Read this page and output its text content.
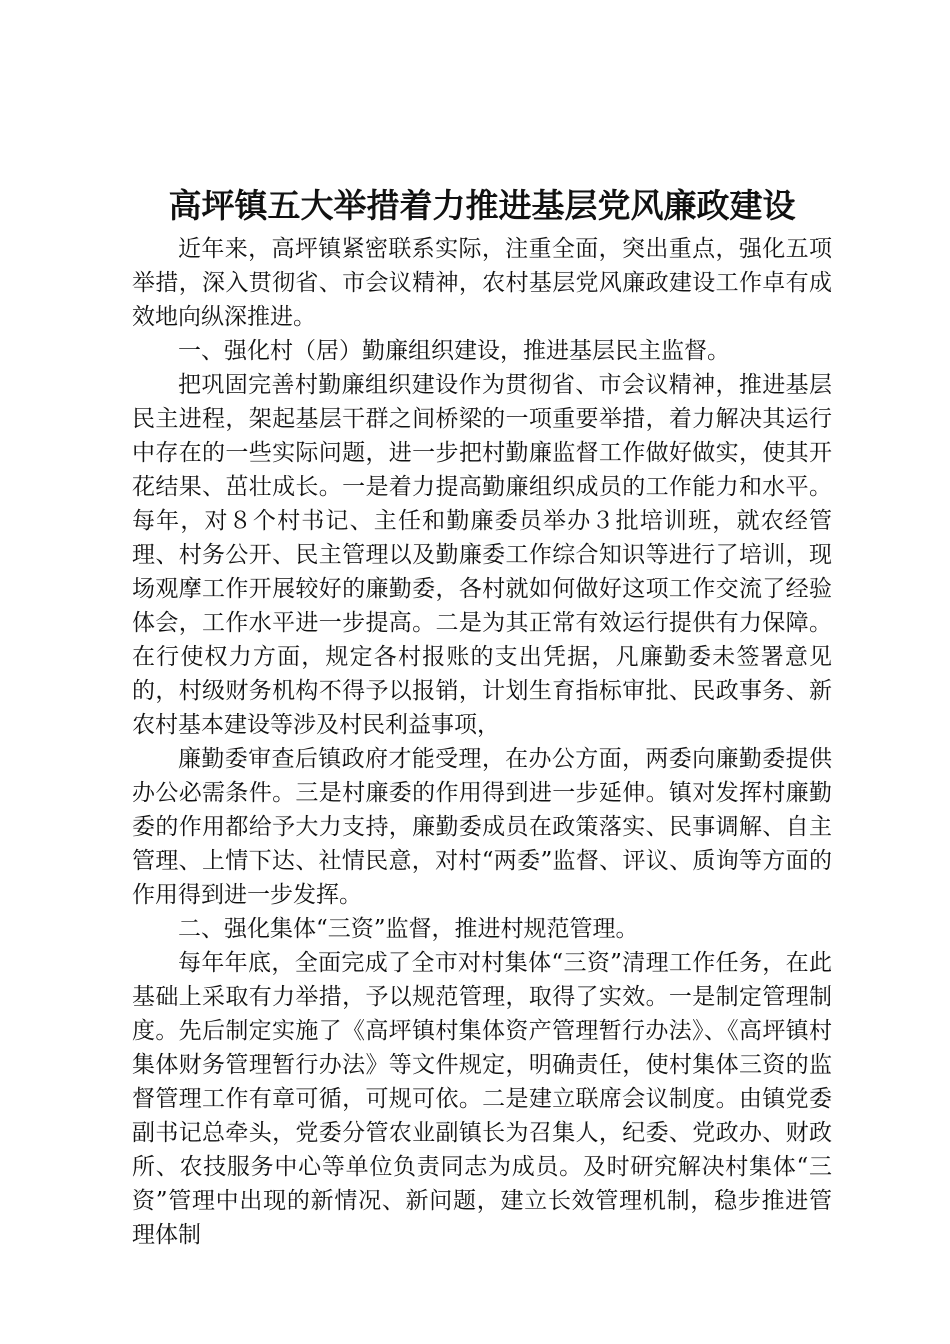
高坪镇五大举措着力推进基层党风廉政建设

近年来，高坪镇紧密联系实际，注重全面，突出重点，强化五项举措，深入贯彻省、市会议精神，农村基层党风廉政建设工作卓有成效地向纵深推进。

一、强化村（居）勤廉组织建设，推进基层民主监督。

把巩固完善村勤廉组织建设作为贯彻省、市会议精神，推进基层民主进程，架起基层干群之间桥梁的一项重要举措，着力解决其运行中存在的一些实际问题，进一步把村勤廉监督工作做好做实，使其开花结果、茁壮成长。一是着力提高勤廉组织成员的工作能力和水平。每年，对８个村书记、主任和勤廉委员举办３批培训班，就农经管理、村务公开、民主管理以及勤廉委工作综合知识等进行了培训，现场观摩工作开展较好的廉勤委，各村就如何做好这项工作交流了经验体会，工作水平进一步提高。二是为其正常有效运行提供有力保障。在行使权力方面，规定各村报账的支出凭据，凡廉勤委未签署意见的，村级财务机构不得予以报销，计划生育指标审批、民政事务、新农村基本建设等涉及村民利益事项，

廉勤委审查后镇政府才能受理，在办公方面，两委向廉勤委提供办公必需条件。三是村廉委的作用得到进一步延伸。镇对发挥村廉勤委的作用都给予大力支持，廉勤委成员在政策落实、民事调解、自主管理、上情下达、社情民意，对村“两委”监督、评议、质询等方面的作用得到进一步发挥。

二、强化集体“三资”监督，推进村规范管理。

每年年底，全面完成了全市对村集体“三资”清理工作任务，在此基础上采取有力举措，予以规范管理，取得了实效。一是制定管理制度。先后制定实施了《高坪镇村集体资产管理暂行办法》、《高坪镇村集体财务管理暂行办法》等文件规定，明确责任，使村集体三资的监督管理工作有章可循，可规可依。二是建立联席会议制度。由镇党委副书记总牵头，党委分管农业副镇长为召集人，纪委、党政办、财政所、农技服务中心等单位负责同志为成员。及时研究解决村集体“三资”管理中出现的新情况、新问题，建立长效管理机制，稳步推进管理体制
